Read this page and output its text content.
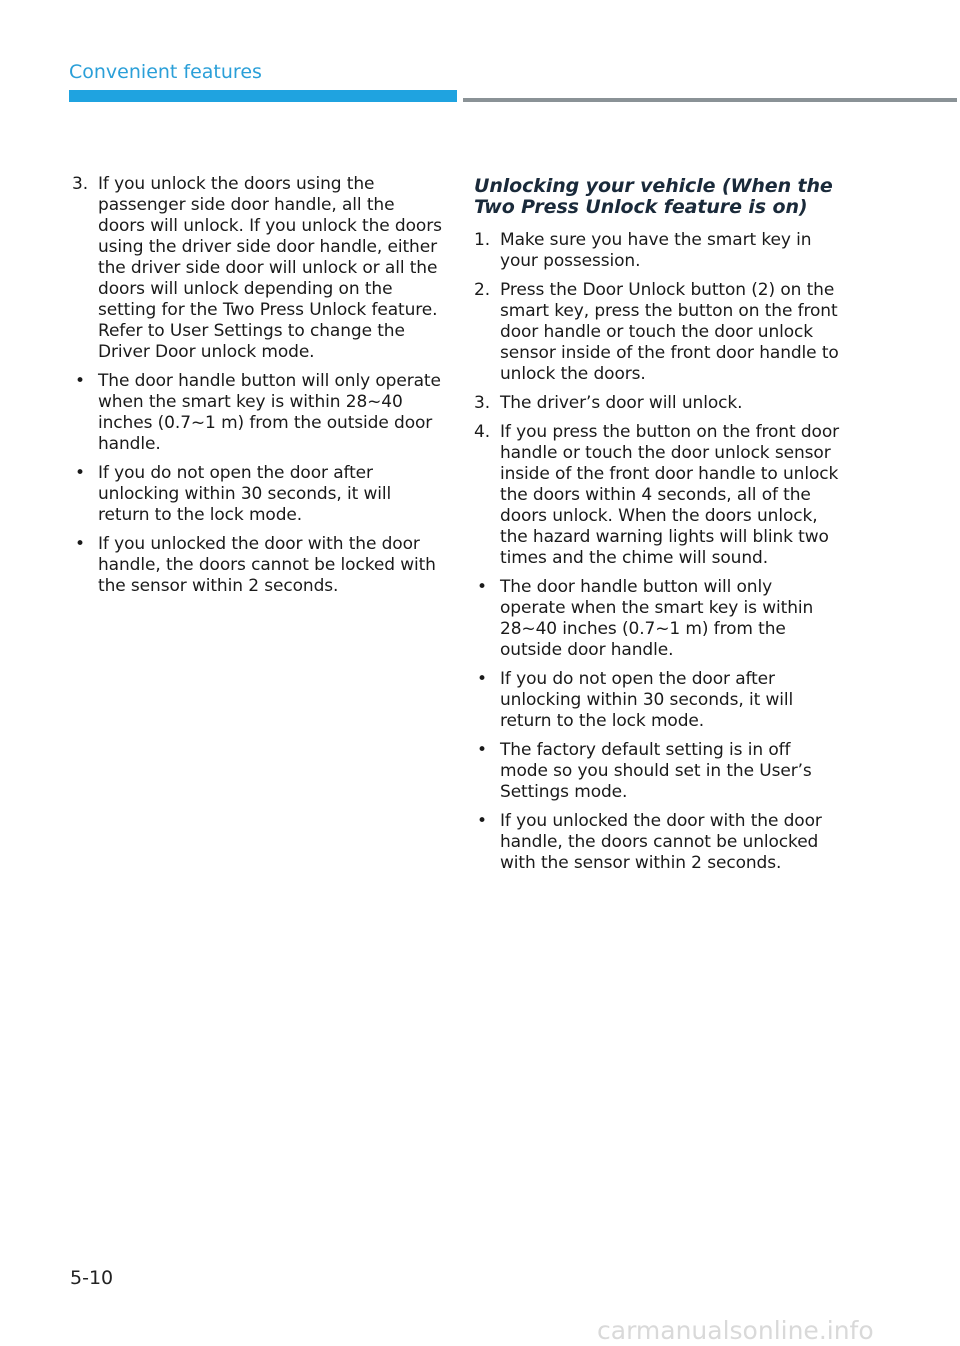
Convenient features
3. If you unlock the doors using the passenger side door handle, all the doors will unlock. If you unlock the doors using the driver side door handle, either the driver side door will unlock or all the doors will unlock depending on the setting for the Two Press Unlock feature. Refer to User Settings to change the Driver Door unlock mode.
• The door handle button will only operate when the smart key is within 28~40 inches (0.7~1 m) from the outside door handle.
• If you do not open the door after unlocking within 30 seconds, it will return to the lock mode.
• If you unlocked the door with the door handle, the doors cannot be locked with the sensor within 2 seconds.
Unlocking your vehicle (When the Two Press Unlock feature is on)
1. Make sure you have the smart key in your possession.
2. Press the Door Unlock button (2) on the smart key, press the button on the front door handle or touch the door unlock sensor inside of the front door handle to unlock the doors.
3. The driver’s door will unlock.
4. If you press the button on the front door handle or touch the door unlock sensor inside of the front door handle to unlock the doors within 4 seconds, all of the doors unlock. When the doors unlock, the hazard warning lights will blink two times and the chime will sound.
• The door handle button will only operate when the smart key is within 28~40 inches (0.7~1 m) from the outside door handle.
• If you do not open the door after unlocking within 30 seconds, it will return to the lock mode.
• The factory default setting is in off mode so you should set in the User’s Settings mode.
• If you unlocked the door with the door handle, the doors cannot be unlocked with the sensor within 2 seconds.
5-10
carmanualsonline.info
